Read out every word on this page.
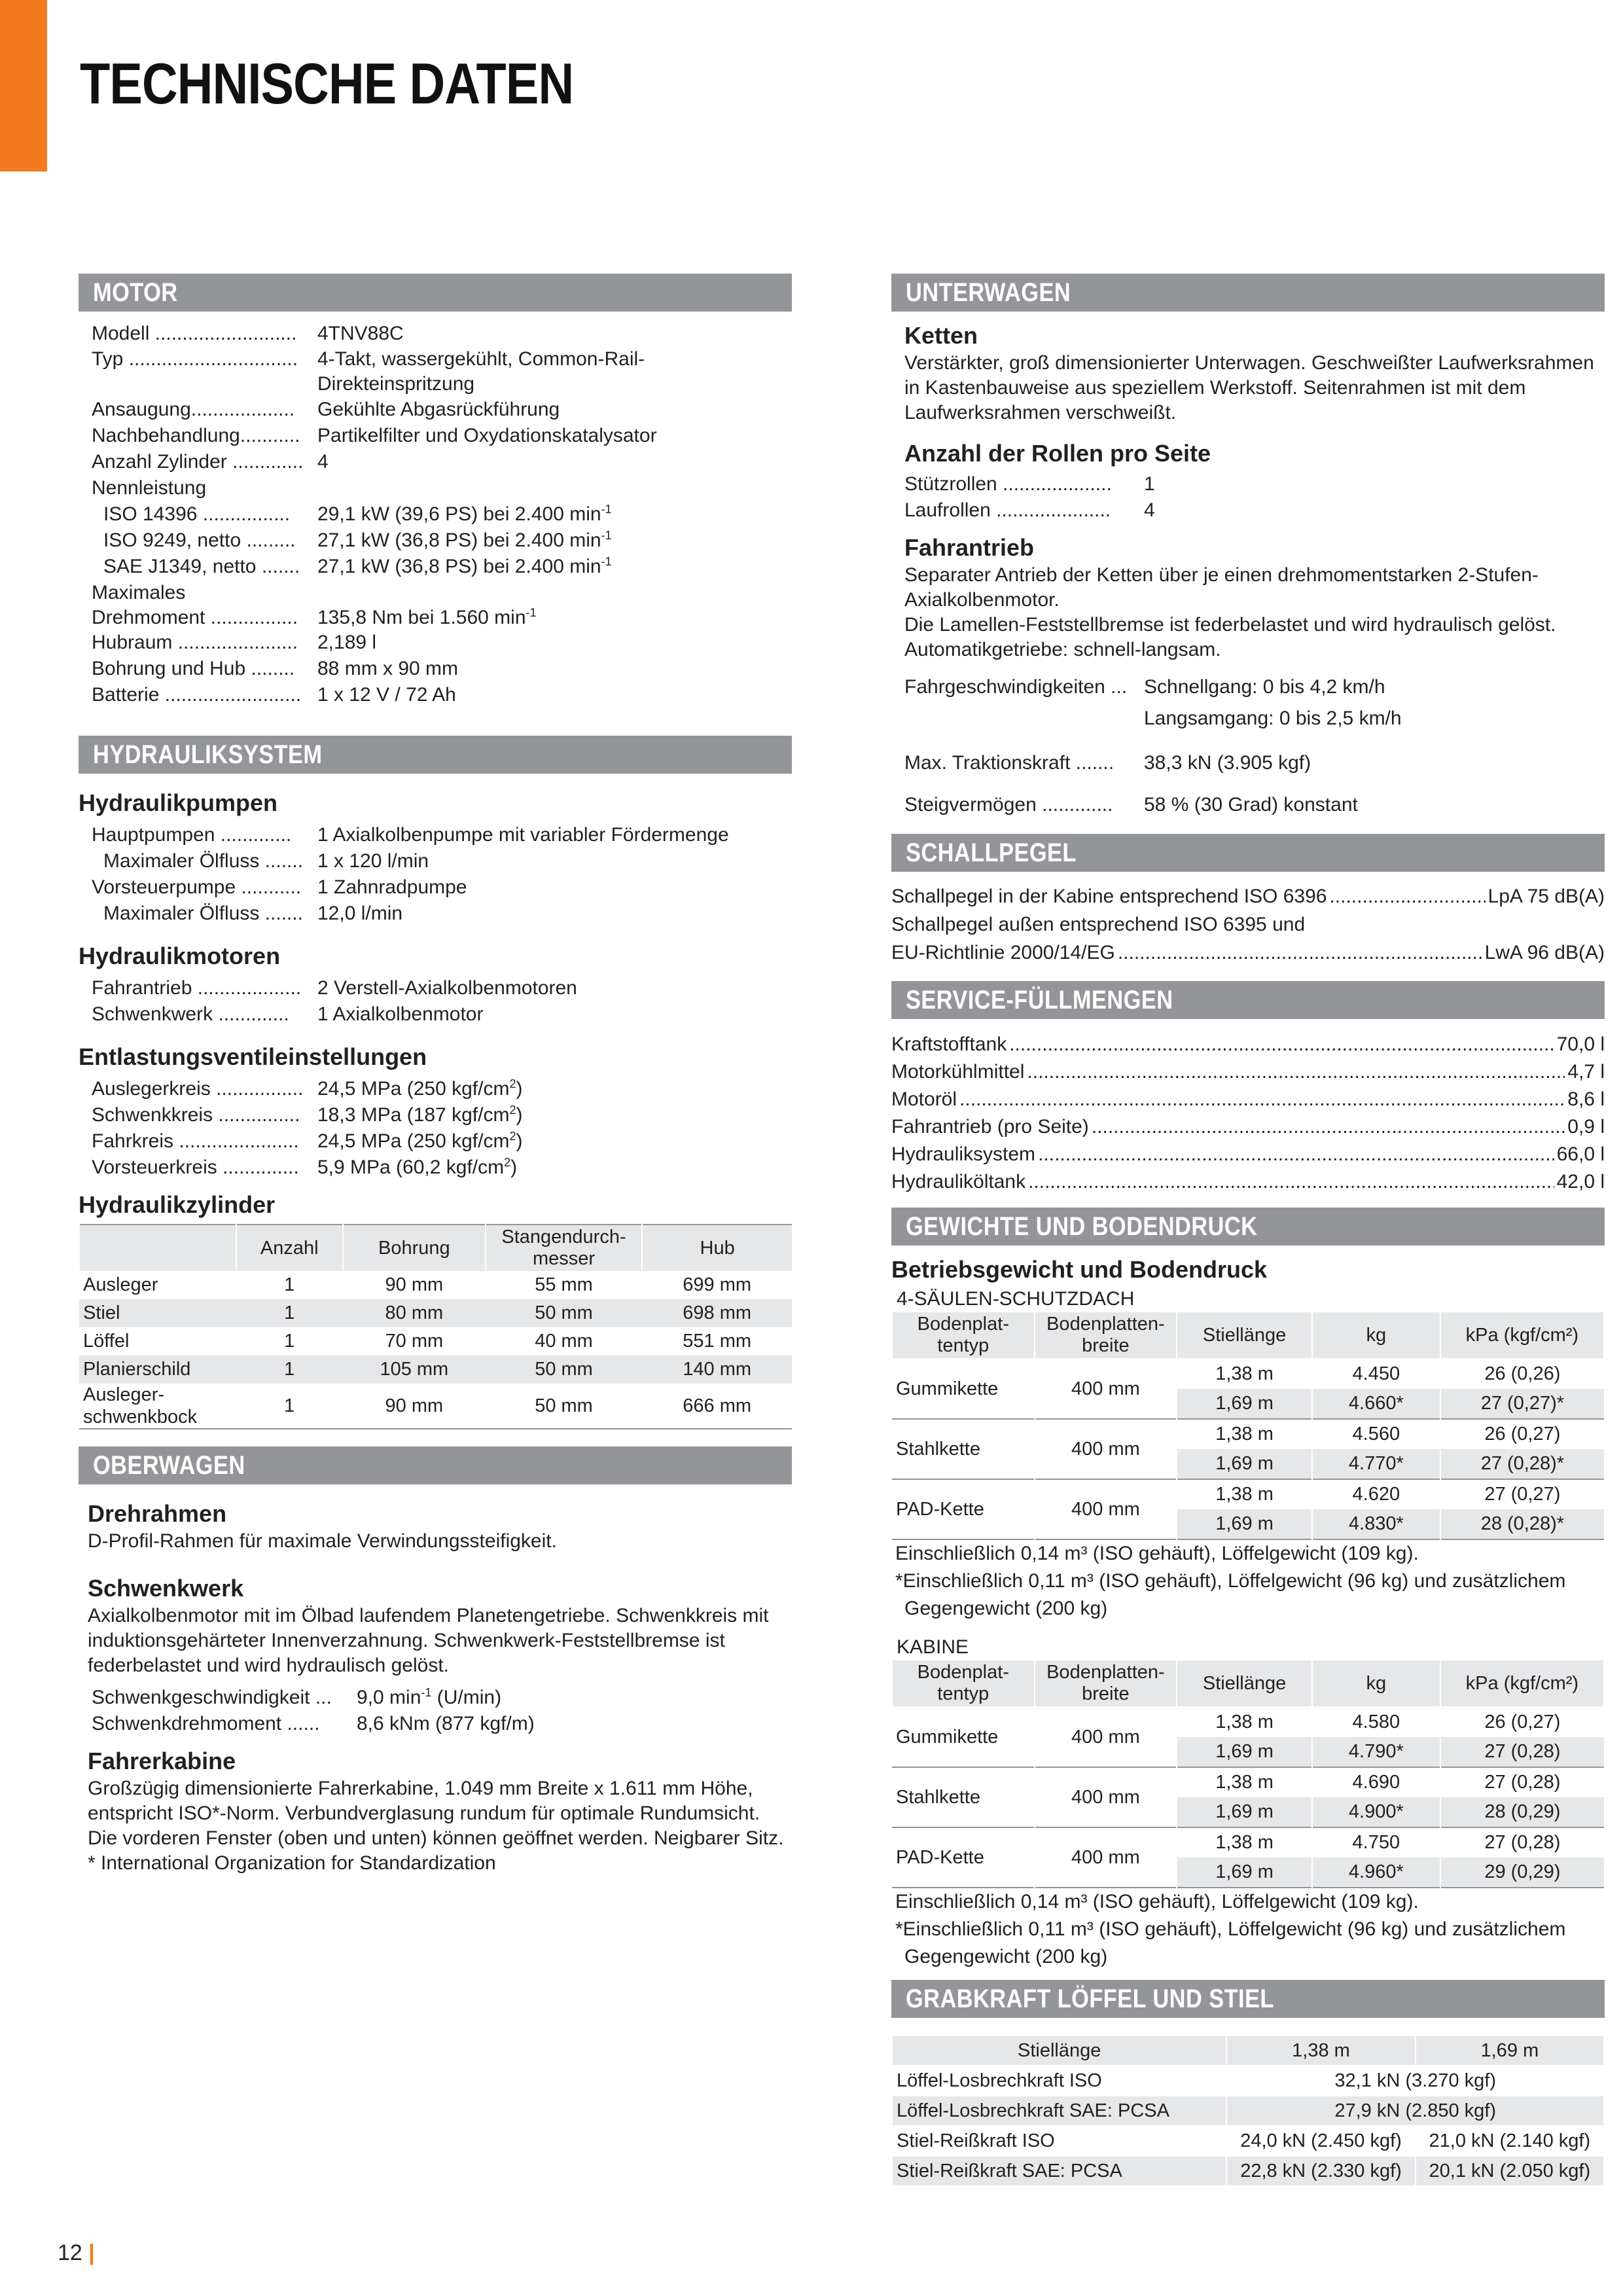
TECHNISCHE DATEN
MOTOR
Modell ..........................	4TNV88C
Typ ............................... 4-Takt, wassergekühlt, Common-Rail-Direkteinspritzung
Ansaugung...................	Gekühlte Abgasrückführung
Nachbehandlung........... Partikelfilter und Oxydationskatalysator
Anzahl Zylinder ............. 4
Nennleistung
ISO 14396 ................	29,1 kW (39,6 PS) bei 2.400 $\min^{-1}$
ISO 9249, netto .........	27,1 kW (36,8 PS) bei 2.400 $\min^{-1}$
SAE J1349, netto ....... 27,1 kW (36,8 PS) bei 2.400 $\min^{-1}$
Maximales
Drehmoment ................ 135,8 Nm bei 1.560 $\min^{-1}$
Hubraum ...................... 2,189 l
Bohrung und Hub ........	88 mm x 90 mm
Batterie ......................... 1 x 12 V / 72 Ah
HYDRAULIKSYSTEM
Hydraulikpumpen
Hauptpumpen .............	1 Axialkolbenpumpe mit variabler Fördermenge
Maximaler Ölfluss ....... 1 x 120 l/min
Vorsteuerpumpe ........... 1 Zahnradpumpe
Maximaler Ölfluss ....... 12,0 l/min
Hydraulikmotoren
Fahrantrieb ................... 2 Verstell-Axialkolbenmotoren
Schwenkwerk .............	1 Axialkolbenmotor
Entlastungsventileinstellungen
Auslegerkreis ................ 24,5 MPa (250 kgf/$cm^2$)
Schwenkkreis ............... 18,3 MPa (187 kgf/$cm^2$)
Fahrkreis ...................... 24,5 MPa (250 kgf/$cm^2$)
Vorsteuerkreis .............. 5,9 MPa (60,2 kgf/$cm^2$)
Hydraulikzylinder
	Anzahl	Bohrung	Stangendurch-messer	Hub
Ausleger	1	90 mm	55 mm	699 mm
Stiel	1	80 mm	50 mm	698 mm
Löffel	1	70 mm	40 mm	551 mm
Planierschild	1	105 mm	50 mm	140 mm
Ausleger-schwenkbock	1	90 mm	50 mm	666 mm
OBERWAGEN
Drehrahmen
D-Profil-Rahmen für maximale Verwindungssteifigkeit.
Schwenkwerk
Axialkolbenmotor mit im Ölbad laufendem Planetengetriebe. Schwenkkreis mit induktionsgehärteter Innenverzahnung. Schwenkwerk-Feststellbremse ist federbelastet und wird hydraulisch gelöst.
Schwenkgeschwindigkeit ...	9,0 $\min^{-1} (U/\min)$
Schwenkdrehmoment ......	8,6 kNm (877 kgf/m)
Fahrerkabine
Großzügig dimensionierte Fahrerkabine, 1.049 mm Breite x 1.611 mm Höhe, entspricht ISO*-Norm. Verbundverglasung rundum für optimale Rundumsicht. Die vorderen Fenster (oben und unten) können geöffnet werden. Neigbarer Sitz.
* International Organization for Standardization
UNTERWAGEN
Ketten
Verstärkter, groß dimensionierter Unterwagen. Geschweißter Laufwerksrahmen in Kastenbauweise aus speziellem Werkstoff. Seitenrahmen ist mit dem Laufwerksrahmen verschweißt.
Anzahl der Rollen pro Seite
Stützrollen ....................	1
Laufrollen .....................	4
Fahrantrieb
Separater Antrieb der Ketten über je einen drehmomentstarken 2-Stufen-Axialkolbenmotor.
Die Lamellen-Feststellbremse ist federbelastet und wird hydraulisch gelöst. Automatikgetriebe: schnell-langsam.
Fahrgeschwindigkeiten ... Schnellgang: 0 bis 4,2 km/h
Langsamgang: 0 bis 2,5 km/h
Max. Traktionskraft .......	38,3 kN (3.905 kgf)
Steigvermögen .............	58 % (30 Grad) konstant
SCHALLPEGEL
Schallpegel in der Kabine entsprechend ISO 6396 .....	LpA 75 dB(A)
Schallpegel außen entsprechend ISO 6395 und
EU-Richtlinie 2000/14/EG .....	LwA 96 dB(A)
SERVICE-FÜLLMENGEN
Kraftstofftank .....	70,0 l
Motorkühlmittel .....	4,7 l
Motoröl .....	8,6 l
Fahrantrieb (pro Seite) .....	0,9 l
Hydrauliksystem .....	66,0 l
Hydrauliköltank .....	42,0 l
GEWICHTE UND BODENDRUCK
Betriebsgewicht und Bodendruck
4-SÄULEN-SCHUTZDACH
Bodenplat-tentyp	Bodenplatten-breite	Stiellänge	kg	kPa (kgf/cm²)
Gummikette	400 mm	1,38 m	4.450	26 (0,26)
		1,69 m	4.660*	27 (0,27)*
Stahlkette	400 mm	1,38 m	4.560	26 (0,27)
		1,69 m	4.770*	27 (0,28)*
PAD-Kette	400 mm	1,38 m	4.620	27 (0,27)
		1,69 m	4.830*	28 (0,28)*
Einschließlich 0,14 m³ (ISO gehäuft), Löffelgewicht (109 kg).
*Einschließlich 0,11 m³ (ISO gehäuft), Löffelgewicht (96 kg) und zusätzlichem
Gegengewicht (200 kg)
KABINE
Bodenplat-tentyp	Bodenplatten-breite	Stiellänge	kg	kPa (kgf/cm²)
Gummikette	400 mm	1,38 m	4.580	26 (0,27)
		1,69 m	4.790*	27 (0,28)
Stahlkette	400 mm	1,38 m	4.690	27 (0,28)
		1,69 m	4.900*	28 (0,29)
PAD-Kette	400 mm	1,38 m	4.750	27 (0,28)
		1,69 m	4.960*	29 (0,29)
Einschließlich 0,14 m³ (ISO gehäuft), Löffelgewicht (109 kg).
*Einschließlich 0,11 m³ (ISO gehäuft), Löffelgewicht (96 kg) und zusätzlichem
Gegengewicht (200 kg)
GRABKRAFT LÖFFEL UND STIEL
Stiellänge	1,38 m	1,69 m
Löffel-Losbrechkraft ISO	32,1 kN (3.270 kgf)	
Löffel-Losbrechkraft SAE: PCSA	27,9 kN (2.850 kgf)	
Stiel-Reißkraft ISO	24,0 kN (2.450 kgf)	21,0 kN (2.140 kgf)
Stiel-Reißkraft SAE: PCSA	22,8 kN (2.330 kgf)	20,1 kN (2.050 kgf)
12 |
